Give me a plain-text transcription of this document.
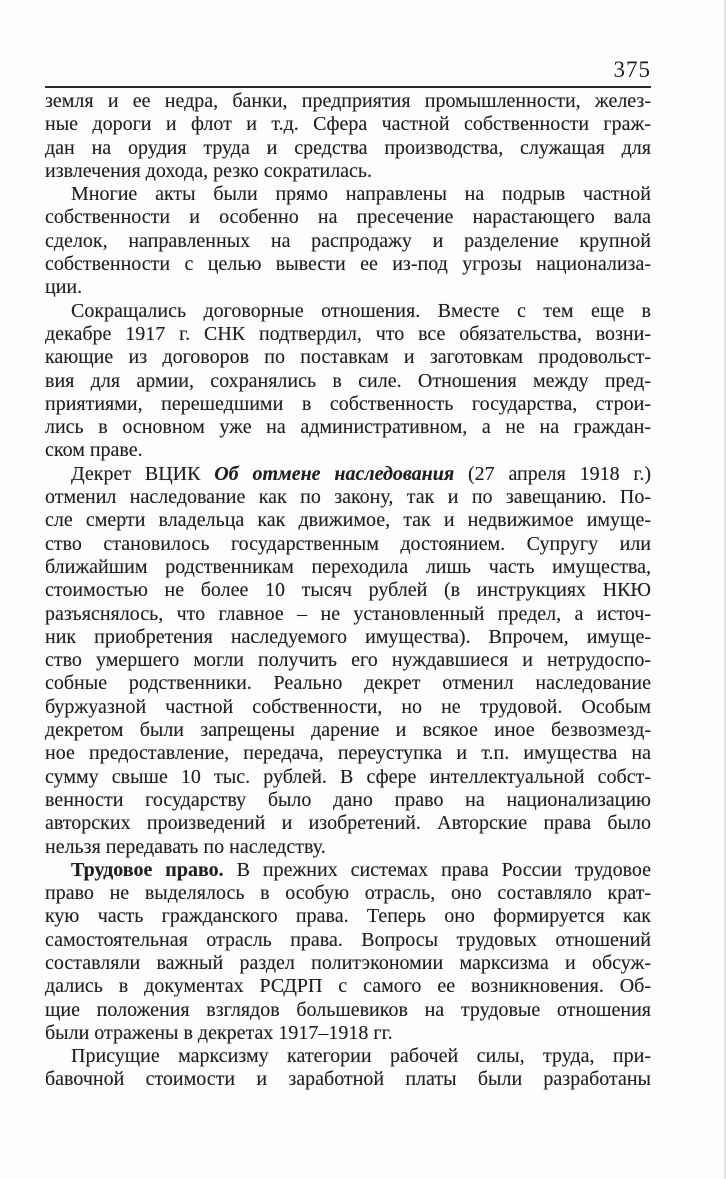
375
земля и ее недра, банки, предприятия промышленности, желез-
ные дороги и флот и т.д. Сфера частной собственности граж-
дан на орудия труда и средства производства, служащая для
извлечения дохода, резко сократилась.
Многие акты были прямо направлены на подрыв частной
собственности и особенно на пресечение нарастающего вала
сделок, направленных на распродажу и разделение крупной
собственности с целью вывести ее из-под угрозы национализа-
ции.
Сокращались договорные отношения. Вместе с тем еще в
декабре 1917 г. СНК подтвердил, что все обязательства, возни-
кающие из договоров по поставкам и заготовкам продовольст-
вия для армии, сохранялись в силе. Отношения между пред-
приятиями, перешедшими в собственность государства, строи-
лись в основном уже на административном, а не на граждан-
ском праве.
Декрет ВЦИК Об отмене наследования (27 апреля 1918 г.)
отменил наследование как по закону, так и по завещанию. По-
сле смерти владельца как движимое, так и недвижимое имуще-
ство становилось государственным достоянием. Супругу или
ближайшим родственникам переходила лишь часть имущества,
стоимостью не более 10 тысяч рублей (в инструкциях НКЮ
разъяснялось, что главное – не установленный предел, а источ-
ник приобретения наследуемого имущества). Впрочем, имуще-
ство умершего могли получить его нуждавшиеся и нетрудоспо-
собные родственники. Реально декрет отменил наследование
буржуазной частной собственности, но не трудовой. Особым
декретом были запрещены дарение и всякое иное безвозмезд-
ное предоставление, передача, переуступка и т.п. имущества на
сумму свыше 10 тыс. рублей. В сфере интеллектуальной собст-
венности государству было дано право на национализацию
авторских произведений и изобретений. Авторские права было
нельзя передавать по наследству.
Трудовое право. В прежних системах права России трудовое
право не выделялось в особую отрасль, оно составляло крат-
кую часть гражданского права. Теперь оно формируется как
самостоятельная отрасль права. Вопросы трудовых отношений
составляли важный раздел политэкономии марксизма и обсуж-
дались в документах РСДРП с самого ее возникновения. Об-
щие положения взглядов большевиков на трудовые отношения
были отражены в декретах 1917–1918 гг.
Присущие марксизму категории рабочей силы, труда, при-
бавочной стоимости и заработной платы были разработаны
